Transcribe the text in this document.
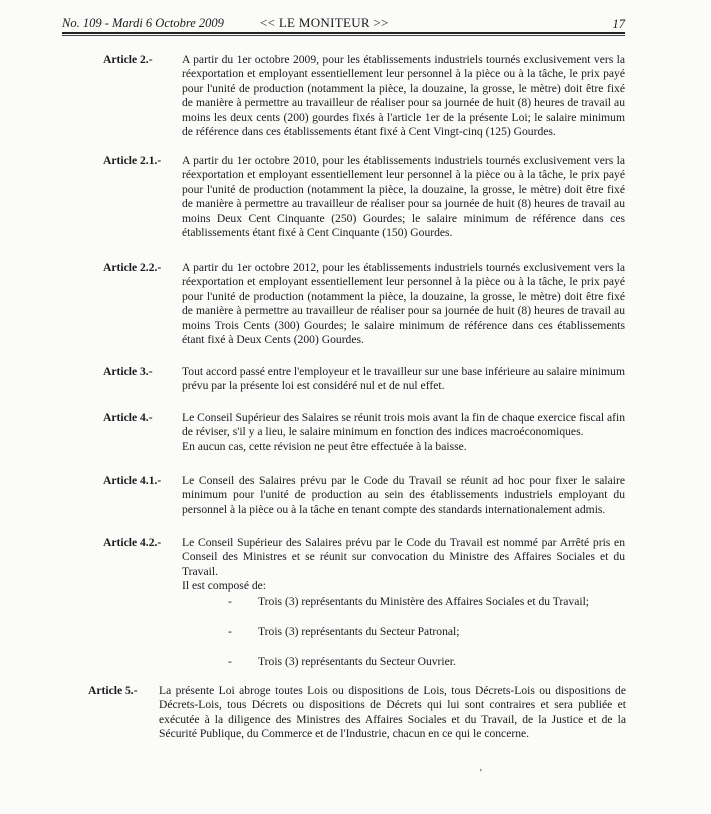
No. 109 - Mardi 6 Octobre 2009	<< LE MONITEUR >>	17
Article 2.-	A partir du 1er octobre 2009, pour les établissements industriels tournés exclusivement vers la réexportation et employant essentiellement leur personnel à la pièce ou à la tâche, le prix payé pour l'unité de production (notamment la pièce, la douzaine, la grosse, le mètre) doit être fixé de manière à permettre au travailleur de réaliser pour sa journée de huit (8) heures de travail au moins les deux cents (200) gourdes fixés à l'article 1er de la présente Loi; le salaire minimum de référence dans ces établissements étant fixé à Cent Vingt-cinq (125) Gourdes.

Article 2.1.- A partir du 1er octobre 2010, pour les établissements industriels tournés exclusivement vers la réexportation et employant essentiellement leur personnel à la pièce ou à la tâche, le prix payé pour l'unité de production (notamment la pièce, la douzaine, la grosse, le mètre) doit être fixé de manière à permettre au travailleur de réaliser pour sa journée de huit (8) heures de travail au moins Deux Cent Cinquante (250) Gourdes; le salaire minimum de référence dans ces établissements étant fixé à Cent Cinquante (150) Gourdes.

Article 2.2.- A partir du 1er octobre 2012, pour les établissements industriels tournés exclusivement vers la réexportation et employant essentiellement leur personnel à la pièce ou à la tâche, le prix payé pour l'unité de production (notamment la pièce, la douzaine, la grosse, le mètre) doit être fixé de manière à permettre au travailleur de réaliser pour sa journée de huit (8) heures de travail au moins Trois Cents (300) Gourdes; le salaire minimum de référence dans ces établissements étant fixé à Deux Cents (200) Gourdes.

Article 3.-	Tout accord passé entre l'employeur et le travailleur sur une base inférieure au salaire minimum prévu par la présente loi est considéré nul et de nul effet.

Article 4.-	Le Conseil Supérieur des Salaires se réunit trois mois avant la fin de chaque exercice fiscal afin de réviser, s'il y a lieu, le salaire minimum en fonction des indices macroéconomiques.

En aucun cas, cette révision ne peut être effectuée à la baisse.

Article 4.1.- Le Conseil des Salaires prévu par le Code du Travail se réunit ad hoc pour fixer le salaire minimum pour l'unité de production au sein des établissements industriels employant du personnel à la pièce ou à la tâche en tenant compte des standards internationalement admis.

Article 4.2.- Le Conseil Supérieur des Salaires prévu par le Code du Travail est nommé par Arrêté pris en Conseil des Ministres et se réunit sur convocation du Ministre des Affaires Sociales et du Travail.

Il est composé de:

- Trois (3) représentants du Ministère des Affaires Sociales et du Travail;
- Trois (3) représentants du Secteur Patronal;
- Trois (3) représentants du Secteur Ouvrier.
Article 5.- La présente Loi abroge toutes Lois ou dispositions de Lois, tous Décrets-Lois ou dispositions de Décrets-Lois, tous Décrets ou dispositions de Décrets qui lui sont contraires et sera publiée et exécutée à la diligence des Ministres des Affaires Sociales et du Travail, de la Justice et de la Sécurité Publique, du Commerce et de l'Industrie, chacun en ce qui le concerne.

'
